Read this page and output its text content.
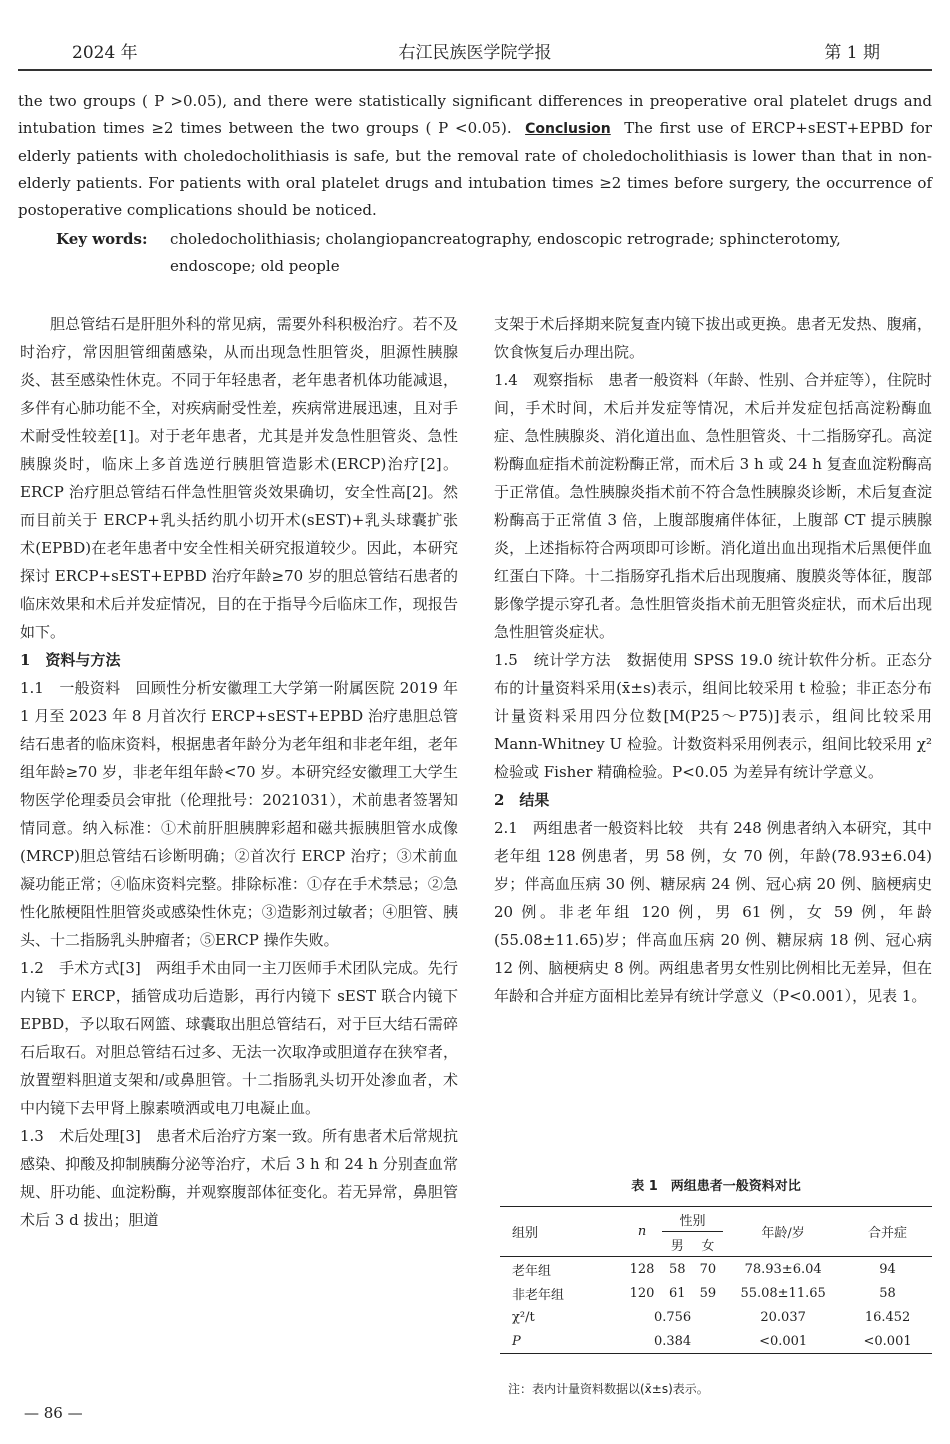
2024 年	右江民族医学院学报	第 1 期
the two groups ( P >0.05), and there were statistically significant differences in preoperative oral platelet drugs and intubation times ≥2 times between the two groups ( P <0.05). Conclusion The first use of ERCP+sEST+EPBD for elderly patients with choledocholithiasis is safe, but the removal rate of choledocholithiasis is lower than that in non-elderly patients. For patients with oral platelet drugs and intubation times ≥2 times before surgery, the occurrence of postoperative complications should be noticed.
Key words: choledocholithiasis; cholangiopancreatography, endoscopic retrograde; sphincterotomy, endoscope; old people

胆总管结石是肝胆外科的常见病，需要外科积极治疗。若不及时治疗，常因胆管细菌感染，从而出现急性胆管炎，胆源性胰腺炎、甚至感染性休克。不同于年轻患者，老年患者机体功能减退，多伴有心肺功能不全，对疾病耐受性差，疾病常进展迅速，且对手术耐受性较差[1]。对于老年患者，尤其是并发急性胆管炎、急性胰腺炎时，临床上多首选逆行胰胆管造影术(ERCP)治疗[2]。ERCP 治疗胆总管结石伴急性胆管炎效果确切，安全性高[2]。然而目前关于 ERCP+乳头括约肌小切开术(sEST)+乳头球囊扩张术(EPBD)在老年患者中安全性相关研究报道较少。因此，本研究探讨 ERCP+sEST+EPBD 治疗年龄≥70 岁的胆总管结石患者的临床效果和术后并发症情况，目的在于指导今后临床工作，现报告如下。

1　资料与方法

1.1　一般资料　回顾性分析安徽理工大学第一附属医院 2019 年 1 月至 2023 年 8 月首次行 ERCP+sEST+EPBD 治疗患胆总管结石患者的临床资料，根据患者年龄分为老年组和非老年组，老年组年龄≥70 岁，非老年组年龄<70 岁。本研究经安徽理工大学生物医学伦理委员会审批（伦理批号：2021031），术前患者签署知情同意。纳入标准：①术前肝胆胰脾彩超和磁共振胰胆管水成像(MRCP)胆总管结石诊断明确；②首次行 ERCP 治疗；③术前血凝功能正常；④临床资料完整。排除标准：①存在手术禁忌；②急性化脓梗阻性胆管炎或感染性休克；③造影剂过敏者；④胆管、胰头、十二指肠乳头肿瘤者；⑤ERCP 操作失败。

1.2　手术方式[3]　两组手术由同一主刀医师手术团队完成。先行内镜下 ERCP，插管成功后造影，再行内镜下 sEST 联合内镜下 EPBD，予以取石网篮、球囊取出胆总管结石，对于巨大结石需碎石后取石。对胆总管结石过多、无法一次取净或胆道存在狭窄者，放置塑料胆道支架和/或鼻胆管。十二指肠乳头切开处渗血者，术中内镜下去甲肾上腺素喷洒或电刀电凝止血。

1.3　术后处理[3]　患者术后治疗方案一致。所有患者术后常规抗感染、抑酸及抑制胰酶分泌等治疗，术后 3 h 和 24 h 分别查血常规、肝功能、血淀粉酶，并观察腹部体征变化。若无异常，鼻胆管术后 3 d 拔出；胆道

支架于术后择期来院复查内镜下拔出或更换。患者无发热、腹痛，饮食恢复后办理出院。

1.4　观察指标　患者一般资料（年龄、性别、合并症等），住院时间，手术时间，术后并发症等情况，术后并发症包括高淀粉酶血症、急性胰腺炎、消化道出血、急性胆管炎、十二指肠穿孔。高淀粉酶血症指术前淀粉酶正常，而术后 3 h 或 24 h 复查血淀粉酶高于正常值。急性胰腺炎指术前不符合急性胰腺炎诊断，术后复查淀粉酶高于正常值 3 倍，上腹部腹痛伴体征，上腹部 CT 提示胰腺炎，上述指标符合两项即可诊断。消化道出血出现指术后黑便伴血红蛋白下降。十二指肠穿孔指术后出现腹痛、腹膜炎等体征，腹部影像学提示穿孔者。急性胆管炎指术前无胆管炎症状，而术后出现急性胆管炎症状。

1.5　统计学方法　数据使用 SPSS 19.0 统计软件分析。正态分布的计量资料采用(x̄±s)表示，组间比较采用 t 检验；非正态分布计量资料采用四分位数[M(P25～P75)]表示，组间比较采用 Mann-Whitney U 检验。计数资料采用例表示，组间比较采用 χ² 检验或 Fisher 精确检验。P<0.05 为差异有统计学意义。

2　结果

2.1　两组患者一般资料比较　共有 248 例患者纳入本研究，其中老年组 128 例患者，男 58 例，女 70 例，年龄(78.93±6.04)岁；伴高血压病 30 例、糖尿病 24 例、冠心病 20 例、脑梗病史 20 例。非老年组 120 例，男 61 例，女 59 例，年龄(55.08±11.65)岁；伴高血压病 20 例、糖尿病 18 例、冠心病 12 例、脑梗病史 8 例。两组患者男女性别比例相比无差异，但在年龄和合并症方面相比差异有统计学意义（P<0.001），见表 1。

表 1　两组患者一般资料对比
组别	n	性别		年龄/岁	合并症
		男	女		
老年组	128	58	70	78.93±6.04	94
非老年组	120	61	59	55.08±11.65	58
χ²/t	0.756			20.037	16.452
P	0.384			<0.001	<0.001
注：表内计量资料数据以(x̄±s)表示。
— 86 —
